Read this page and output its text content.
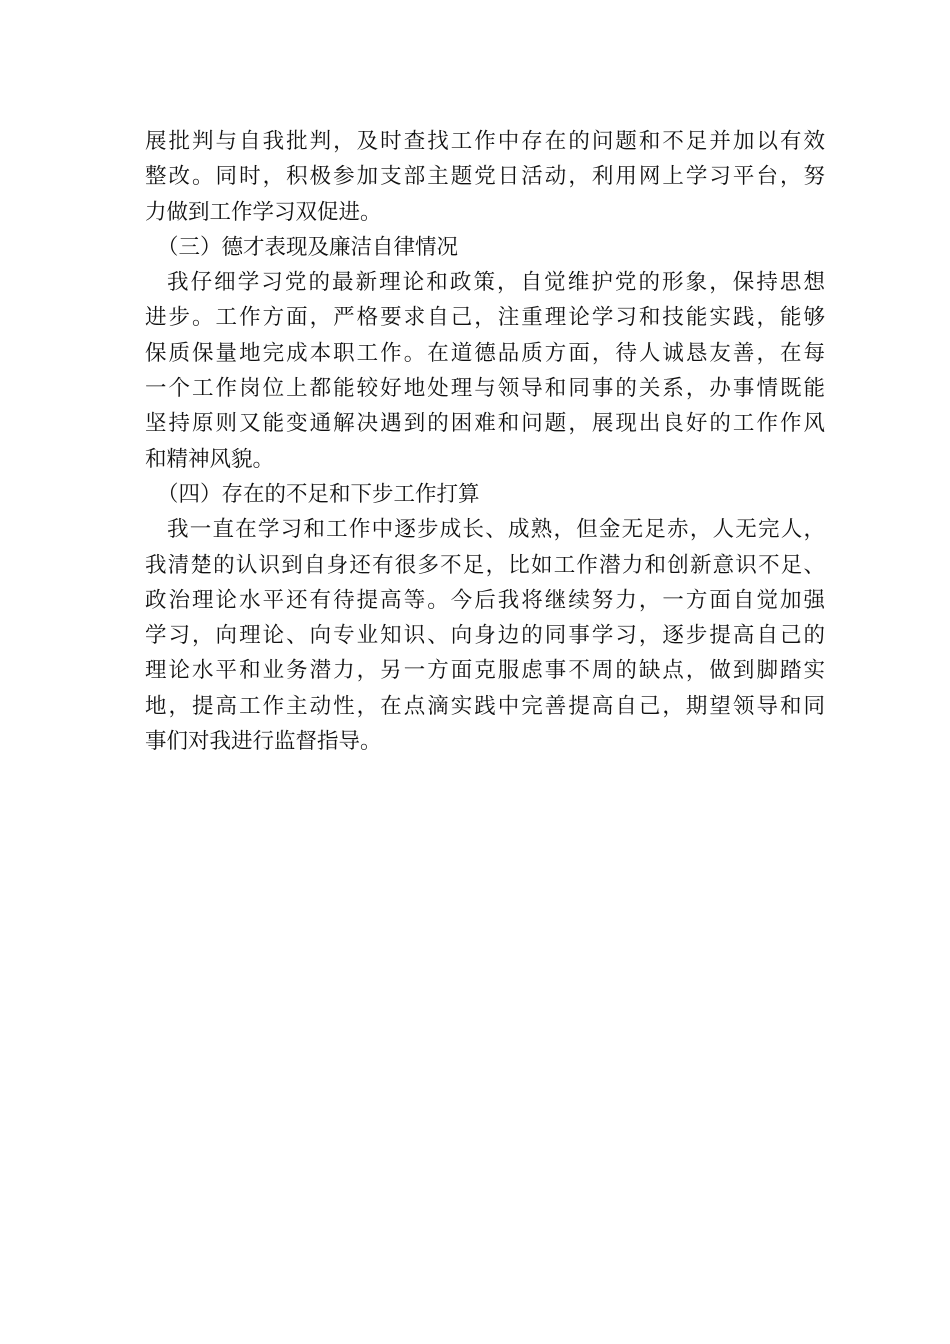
展批判与自我批判，及时查找工作中存在的问题和不足并加以有效
整改。同时，积极参加支部主题党日活动，利用网上学习平台，努
力做到工作学习双促进。
（三）德才表现及廉洁自律情况
我仔细学习党的最新理论和政策，自觉维护党的形象，保持思想
进步。工作方面，严格要求自己，注重理论学习和技能实践，能够
保质保量地完成本职工作。在道德品质方面，待人诚恳友善，在每
一个工作岗位上都能较好地处理与领导和同事的关系，办事情既能
坚持原则又能变通解决遇到的困难和问题，展现出良好的工作作风
和精神风貌。
（四）存在的不足和下步工作打算
我一直在学习和工作中逐步成长、成熟，但金无足赤，人无完人，
我清楚的认识到自身还有很多不足，比如工作潜力和创新意识不足、
政治理论水平还有待提高等。今后我将继续努力，一方面自觉加强
学习，向理论、向专业知识、向身边的同事学习，逐步提高自己的
理论水平和业务潜力，另一方面克服虑事不周的缺点，做到脚踏实
地，提高工作主动性，在点滴实践中完善提高自己，期望领导和同
事们对我进行监督指导。
